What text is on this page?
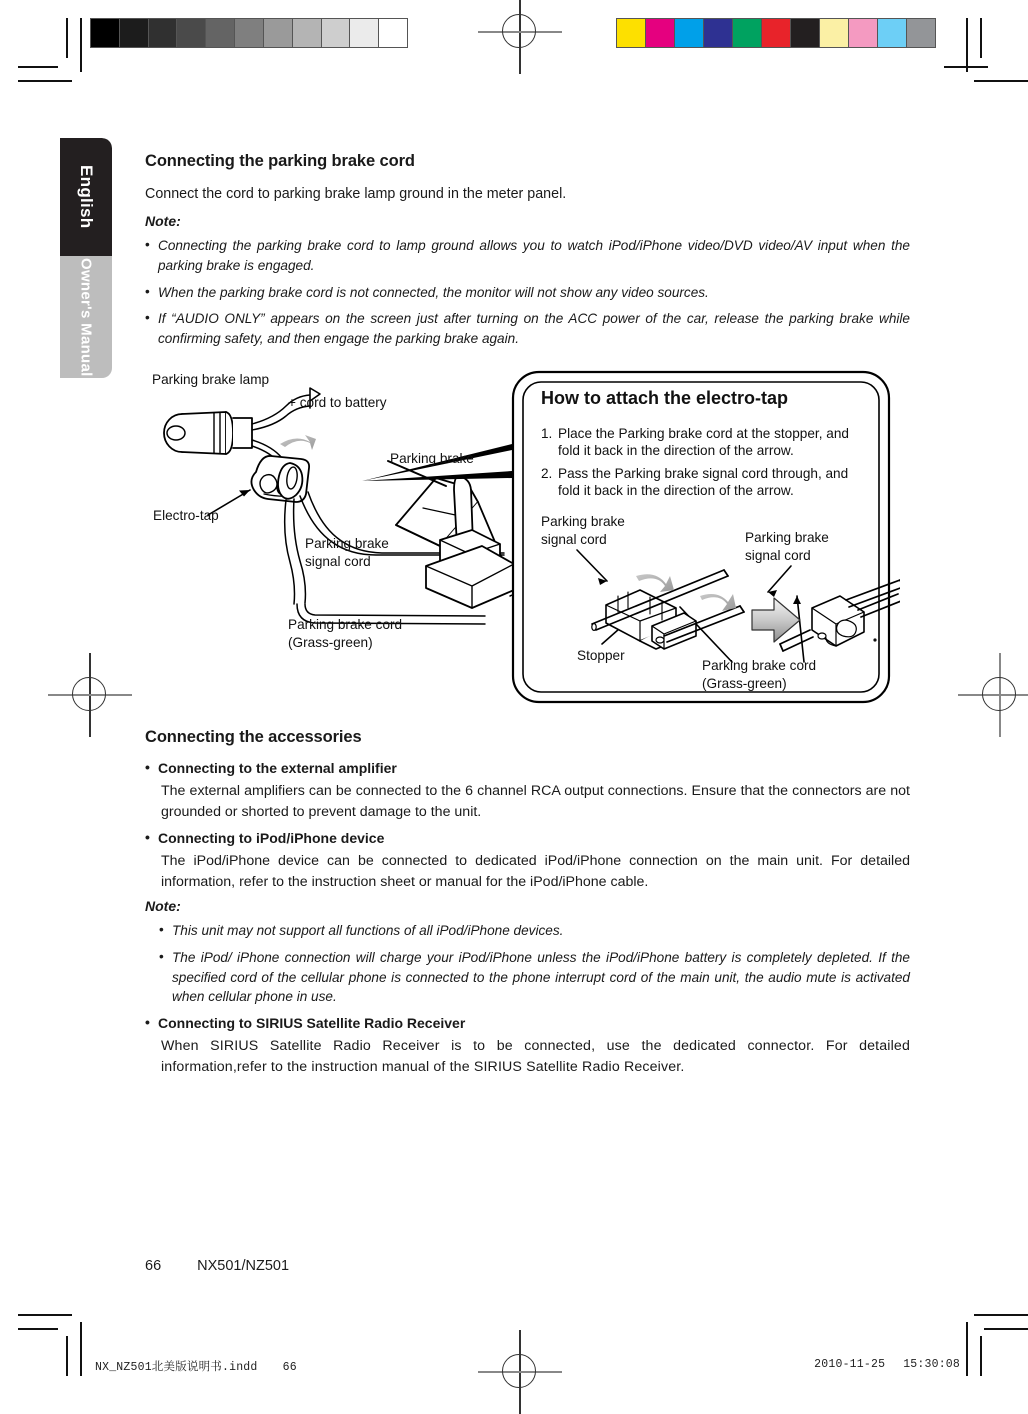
English
Owner's Manual
Connecting the parking brake cord

Connect the cord to parking brake lamp ground in the meter panel.

Note:
• Connecting the parking brake cord to lamp ground allows you to watch iPod/iPhone video/DVD video/AV input when the parking brake is engaged.
• When the parking brake cord is not connected, the monitor will not show any video sources.
• If “AUDIO ONLY” appears on the screen just after turning on the ACC power of the car, release the parking brake while confirming safety, and then engage the parking brake again.
Parking brake lamp
+ cord to battery
Electro-tap
Parking brake
Parking brake
signal cord
Parking brake cord
(Grass-green)
How to attach the electro-tap
1. Place the Parking brake cord at the stopper, and
fold it back in the direction of the arrow.
2. Pass the Parking brake signal cord through, and
fold it back in the direction of the arrow.
Parking brake
signal cord	Parking brake
signal cord
Stopper
Parking brake cord
(Grass-green)
Connecting the accessories
• Connecting to the external amplifier

The external amplifiers can be connected to the 6 channel RCA output connections. Ensure that the connectors are not grounded or shorted to prevent damage to the unit.

• Connecting to iPod/iPhone device

The iPod/iPhone device can be connected to dedicated iPod/iPhone connection on the main unit. For detailed information, refer to the instruction sheet or manual for the iPod/iPhone cable.

Note:
• This unit may not support all functions of all iPod/iPhone devices.
• The iPod/ iPhone connection will charge your iPod/iPhone unless the iPod/iPhone battery is completely depleted. If the specified cord of the cellular phone is connected to the phone interrupt cord of the main unit, the audio mute is activated when cellular phone in use.
• Connecting to SIRIUS Satellite Radio Receiver

When SIRIUS Satellite Radio Receiver is to be connected, use the dedicated connector. For detailed information,refer to the instruction manual of the SIRIUS Satellite Radio Receiver.

66 NX501/NZ501
NX_NZ501北美版说明书.indd 66	2010-11-25 15:30:08
